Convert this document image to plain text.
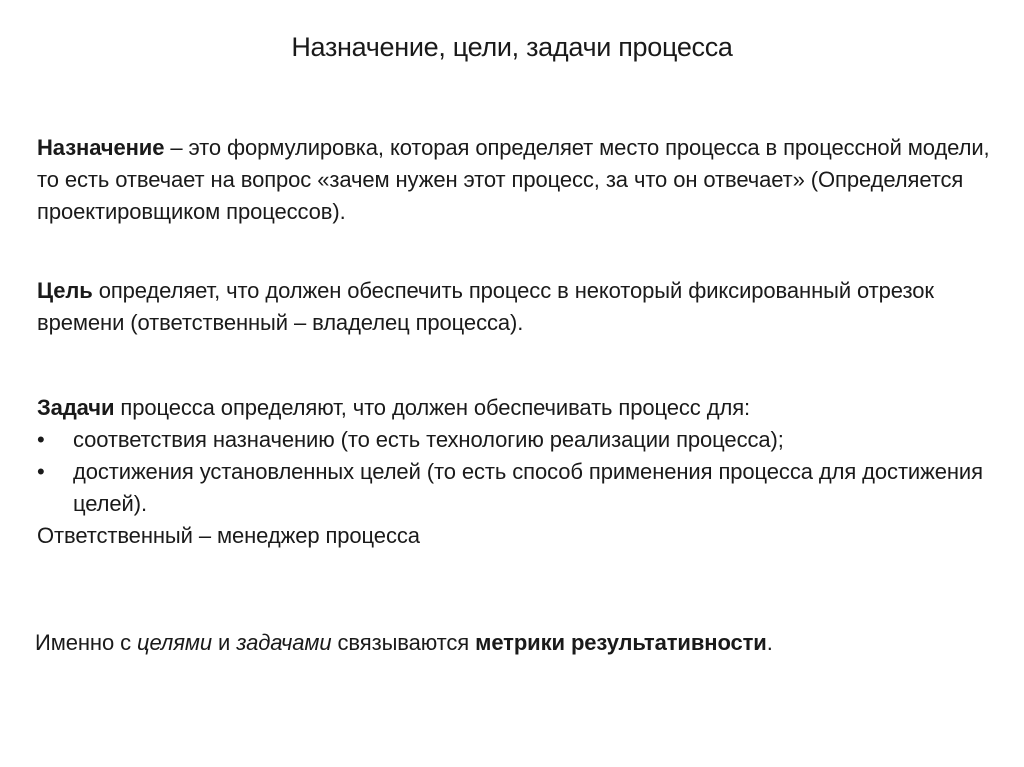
Назначение, цели, задачи процесса
Назначение – это формулировка, которая определяет место процесса в процессной модели, то есть отвечает на вопрос «зачем нужен этот процесс, за что он отвечает» (Определяется проектировщиком процессов).
Цель определяет, что должен обеспечить процесс в некоторый фиксированный отрезок времени (ответственный – владелец процесса).
Задачи процесса определяют, что должен обеспечивать процесс для:
• соответствия назначению (то есть технологию реализации процесса);
• достижения установленных целей (то есть способ применения процесса для достижения целей).
Ответственный – менеджер процесса
Именно с целями и задачами связываются метрики результативности.
